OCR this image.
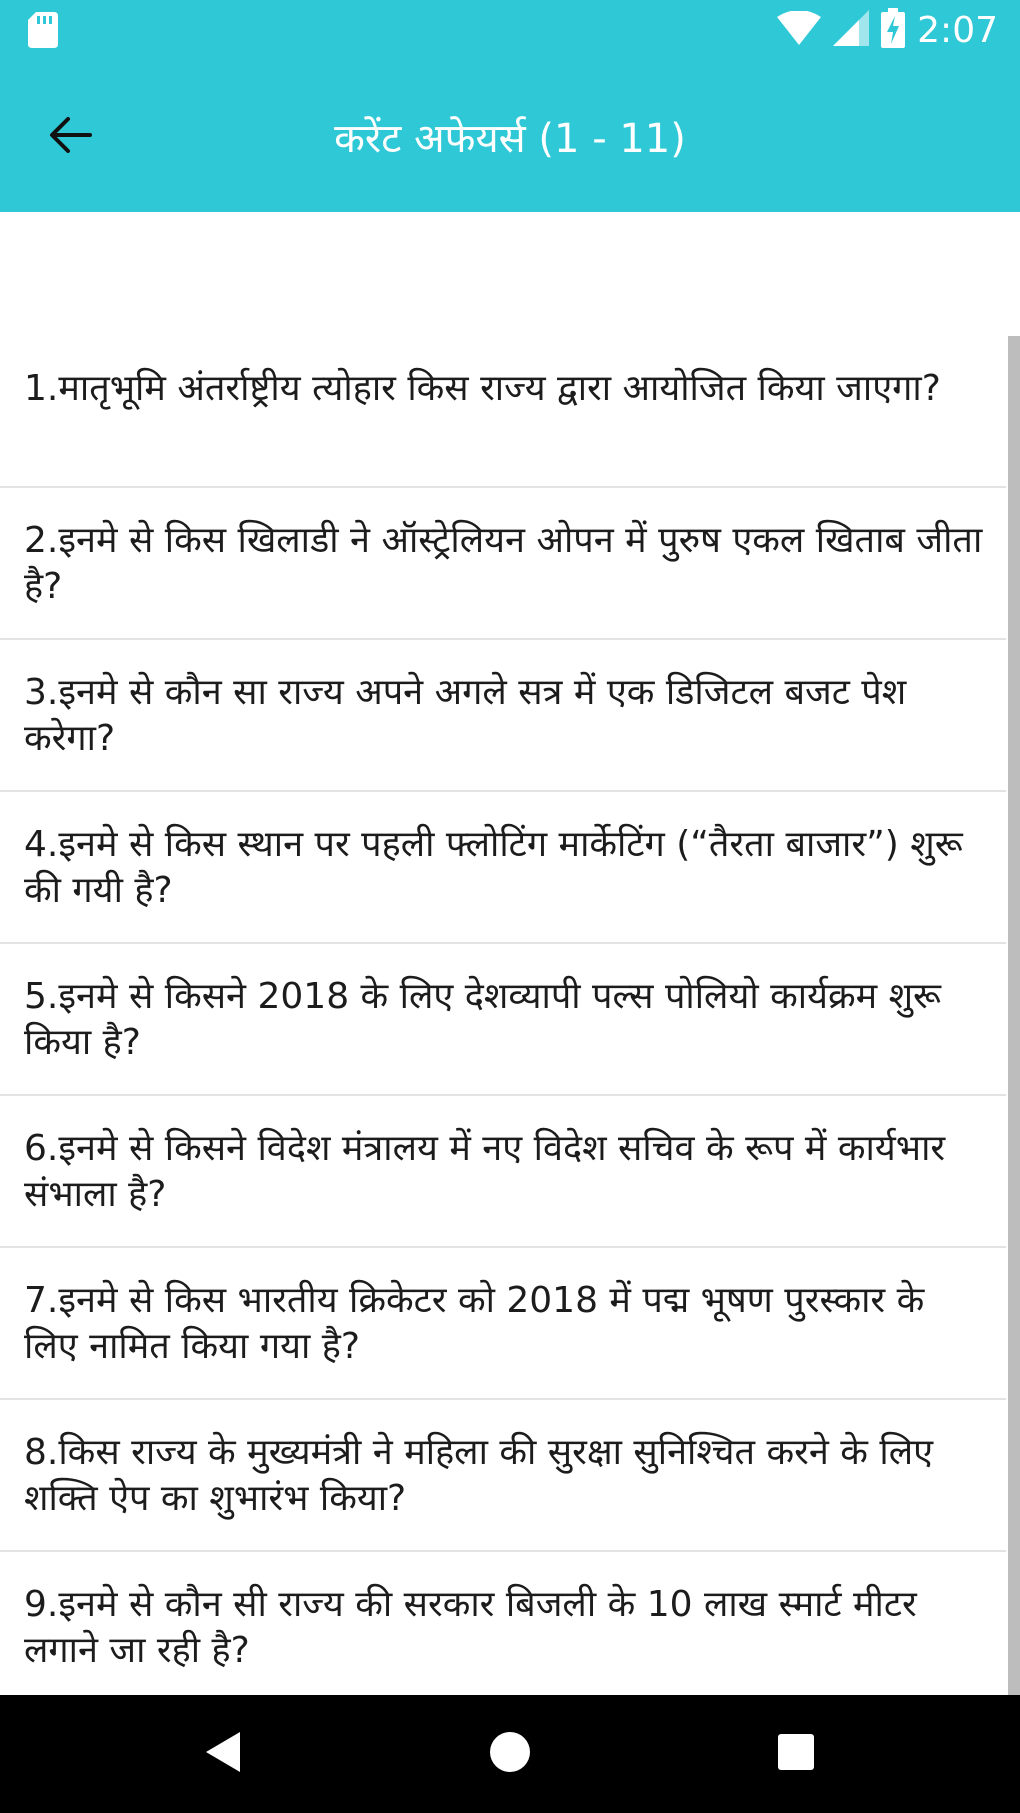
2:07
करेंट अफेयर्स (1 - 11)
1.मातृभूमि अंतर्राष्ट्रीय त्योहार किस राज्य द्वारा आयोजित किया जाएगा?
2.इनमे से किस खिलाडी ने ऑस्ट्रेलियन ओपन में पुरुष एकल खिताब जीता है?
3.इनमे से कौन सा राज्य अपने अगले सत्र में एक डिजिटल बजट पेश करेगा?
4.इनमे से किस स्थान पर पहली फ्लोटिंग मार्केटिंग (“तैरता बाजार”) शुरू की गयी है?
5.इनमे से किसने 2018 के लिए देशव्यापी पल्स पोलियो कार्यक्रम शुरू किया है?
6.इनमे से किसने विदेश मंत्रालय में नए विदेश सचिव के रूप में कार्यभार संभाला है?
7.इनमे से किस भारतीय क्रिकेटर को 2018 में पद्म भूषण पुरस्कार के लिए नामित किया गया है?
8.किस राज्य के मुख्यमंत्री ने महिला की सुरक्षा सुनिश्चित करने के लिए शक्ति ऐप का शुभारंभ किया?
9.इनमे से कौन सी राज्य की सरकार बिजली के 10 लाख स्मार्ट मीटर लगाने जा रही है?
